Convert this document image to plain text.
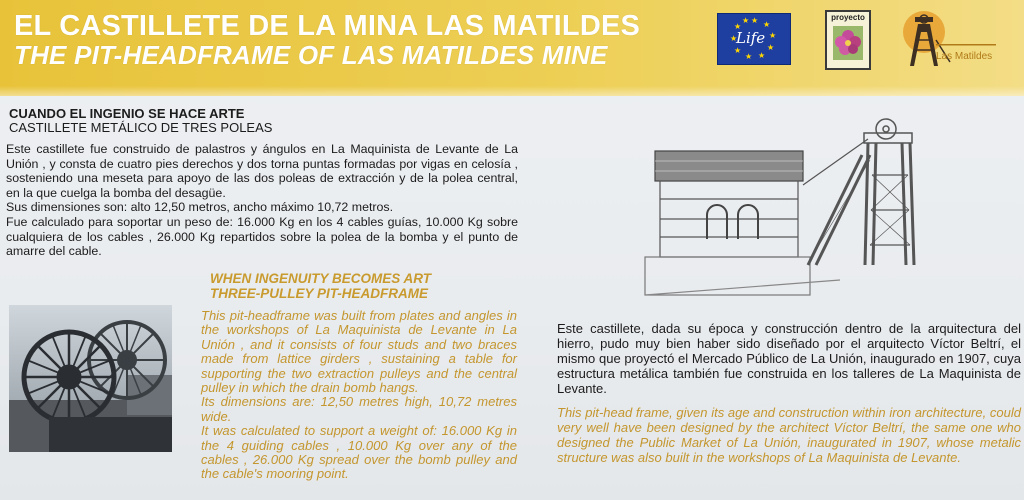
EL CASTILLETE DE LA MINA LAS MATILDES
THE PIT-HEADFRAME OF LAS MATILDES MINE
★ ★
★
★
★
★
★
★
★
★
Life
proyecto
Las Matildes
CUANDO EL INGENIO SE HACE ARTE
CASTILLETE METÁLICO DE TRES POLEAS

Este castillete fue construido de palastros y ángulos en La Maquinista de Levante de La Unión , y consta de cuatro pies derechos y dos torna puntas formadas por vigas en celosía , sosteniendo una meseta para apoyo de las dos poleas de extracción y de la polea central, en la que cuelga la bomba del desagüe.

Sus dimensiones son: alto 12,50 metros, ancho máximo 10,72 metros.

Fue calculado para soportar un peso de: 16.000 Kg en los 4 cables guías, 10.000 Kg sobre cualquiera de los cables , 26.000 Kg repartidos sobre la polea de la bomba y el punto de amarre del cable.

WHEN INGENUITY BECOMES ART
THREE-PULLEY PIT-HEADFRAME

This pit-headframe was built from plates and angles in the workshops of La Maquinista de Levante in La Unión , and it consists of four studs and two braces made from lattice girders , sustaining a table for supporting the two extraction pulleys and the central pulley in which the drain bomb hangs.

Its dimensions are: 12,50 metres high, 10,72 metres wide.

It was calculated to support a weight of: 16.000 Kg in the 4 guiding cables , 10.000 Kg over any of the cables , 26.000 Kg spread over the bomb pulley and the cable's mooring point.

Este castillete, dada su época y construcción dentro de la arquitectura del hierro, pudo muy bien haber sido diseñado por el arquitecto Víctor Beltrí, el mismo que proyectó el Mercado Público de La Unión, inaugurado en 1907, cuya estructura metálica también fue construida en los talleres de La Maquinista de Levante.
This pit-head frame, given its age and construction within iron architecture, could very well have been designed by the architect Víctor Beltrí, the same one who designed the Public Market of La Unión, inaugurated in 1907, whose metalic structure was also built in the workshops of La Maquinista de Levante.
